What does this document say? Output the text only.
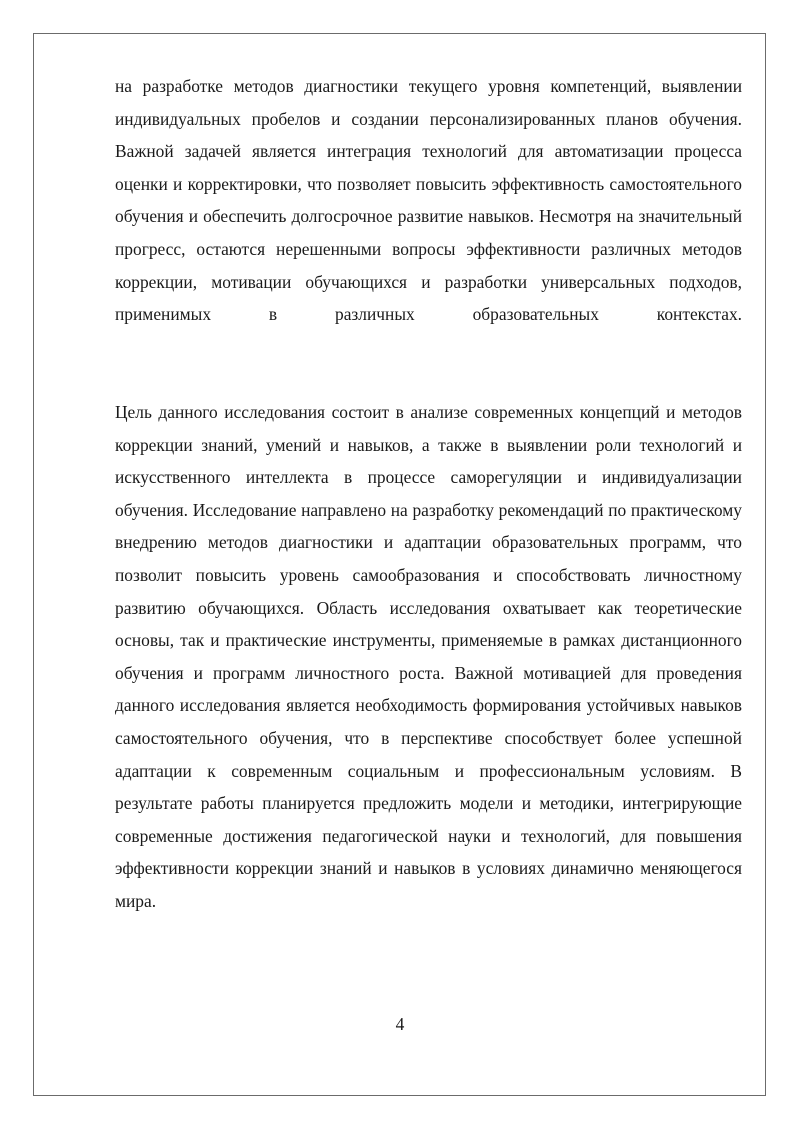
на разработке методов диагностики текущего уровня компетенций, выявлении индивидуальных пробелов и создании персонализированных планов обучения. Важной задачей является интеграция технологий для автоматизации процесса оценки и корректировки, что позволяет повысить эффективность самостоятельного обучения и обеспечить долгосрочное развитие навыков. Несмотря на значительный прогресс, остаются нерешенными вопросы эффективности различных методов коррекции, мотивации обучающихся и разработки универсальных подходов, применимых в различных образовательных контекстах.

Цель данного исследования состоит в анализе современных концепций и методов коррекции знаний, умений и навыков, а также в выявлении роли технологий и искусственного интеллекта в процессе саморегуляции и индивидуализации обучения. Исследование направлено на разработку рекомендаций по практическому внедрению методов диагностики и адаптации образовательных программ, что позволит повысить уровень самообразования и способствовать личностному развитию обучающихся. Область исследования охватывает как теоретические основы, так и практические инструменты, применяемые в рамках дистанционного обучения и программ личностного роста. Важной мотивацией для проведения данного исследования является необходимость формирования устойчивых навыков самостоятельного обучения, что в перспективе способствует более успешной адаптации к современным социальным и профессиональным условиям. В результате работы планируется предложить модели и методики, интегрирующие современные достижения педагогической науки и технологий, для повышения эффективности коррекции знаний и навыков в условиях динамично меняющегося мира.

4
